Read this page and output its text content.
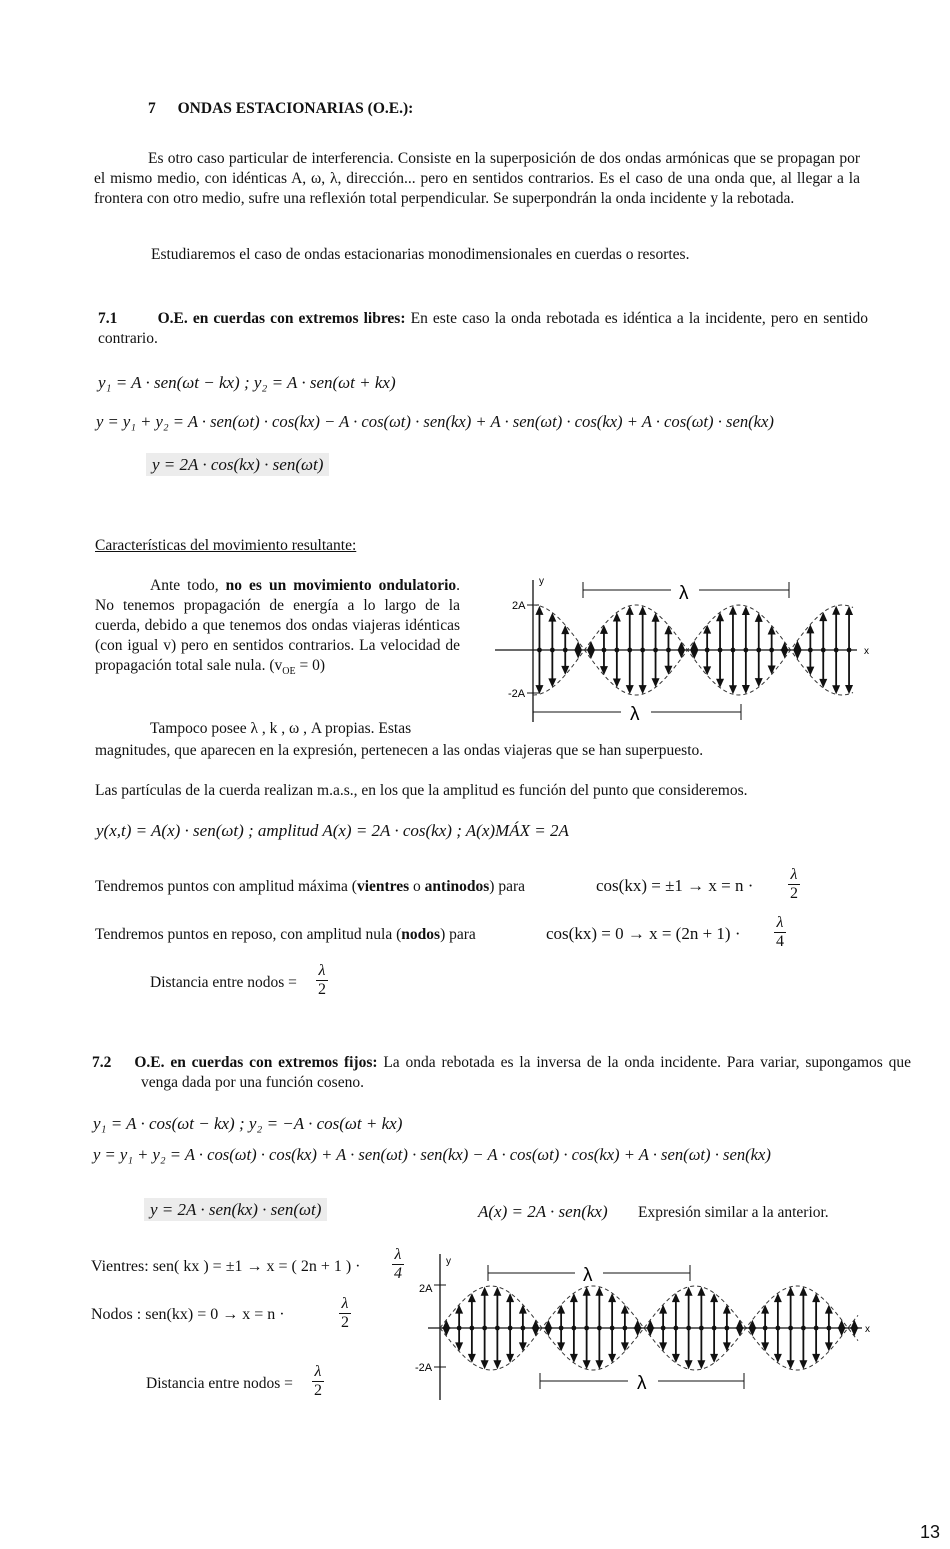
7 ONDAS ESTACIONARIAS (O.E.):
Es otro caso particular de interferencia. Consiste en la superposición de dos ondas armónicas que se propagan por el mismo medio, con idénticas A, ω, λ, dirección... pero en sentidos contrarios. Es el caso de una onda que, al llegar a la frontera con otro medio, sufre una reflexión total perpendicular. Se superpondrán la onda incidente y la rebotada.
Estudiaremos el caso de ondas estacionarias monodimensionales en cuerdas o resortes.
7.1	O.E. en cuerdas con extremos libres: En este caso la onda rebotada es idéntica a la incidente, pero en sentido contrario.
y₁ = A · sen(ωt − kx) ; y₂ = A · sen(ωt + kx)
y = y₁ + y₂ = A · sen(ωt) · cos(kx) − A · cos(ωt) · sen(kx) + A · sen(ωt) · cos(kx) + A · cos(ωt) · sen(kx)
y = 2A · cos(kx) · sen(ωt)
Características del movimiento resultante:
Ante todo, no es un movimiento ondulatorio. No tenemos propagación de energía a lo largo de la cuerda, debido a que tenemos dos ondas viajeras idénticas (con igual v) pero en sentidos contrarios. La velocidad de propagación total sale nula. $(v_{OE} = 0)$
y
x
2A
-2A
λ
λ
Tampoco posee λ , k , ω , A propias. Estas
magnitudes, que aparecen en la expresión, pertenecen a las ondas viajeras que se han superpuesto.
Las partículas de la cuerda realizan m.a.s., en los que la amplitud es función del punto que consideremos.
y(x,t) = A(x) · sen(ωt) ; amplitud A(x) = 2A · cos(kx) ; A(x)MÁX = 2A
Tendremos puntos con amplitud máxima (vientres o antinodos) para	$\cos(kx) = \pm 1 \to x = n \cdot \frac{\lambda}{2}$
Tendremos puntos en reposo, con amplitud nula (nodos) para	$\cos(kx) = 0 \to x = (2n + 1) \cdot \frac{\lambda}{4}$
Distancia entre nodos = $\frac{\lambda}{2}$
7.2 O.E. en cuerdas con extremos fijos: La onda rebotada es la inversa de la onda incidente. Para variar, supongamos que venga dada por una función coseno.
y₁ = A · cos(ωt − kx) ; y₂ = −A · cos(ωt + kx)
y = y₁ + y₂ = A · cos(ωt) · cos(kx) + A · sen(ωt) · sen(kx) − A · cos(ωt) · cos(kx) + A · sen(ωt) · sen(kx)
y = 2A · sen(kx) · sen(ωt)	A(x) = 2A · sen(kx) Expresión similar a la anterior.
Vientres: sen( kx ) = ±1 → x = ( 2n + 1 ) · $\frac{\lambda}{4}$
Nodos : sen(kx) = 0 → x = n ·	$\frac{\lambda}{2}$
Distancia entre nodos = $\frac{\lambda}{2}$
y
x
2A
-2A
λ
λ
13
